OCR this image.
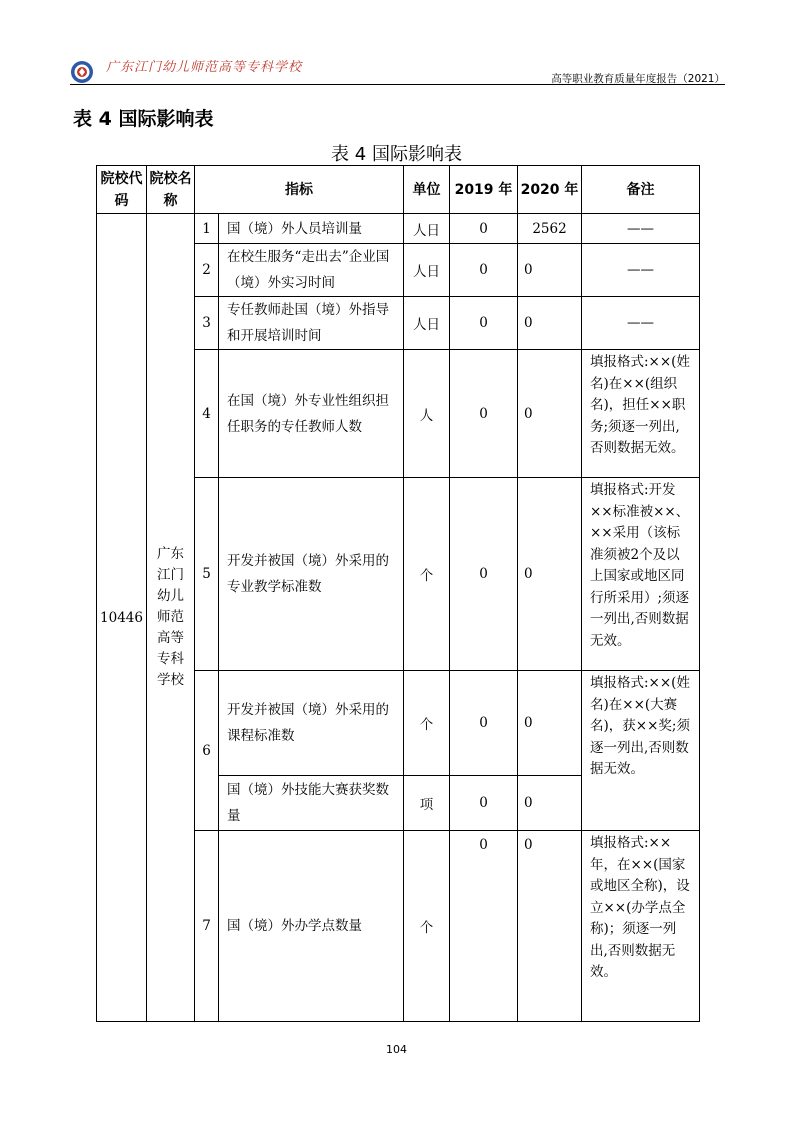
广东江门幼儿师范高等专科学校
高等职业教育质量年度报告（2021）
表 4 国际影响表
表 4 国际影响表
院校代码	院校名称	指标		单位	2019 年	2020 年	备注
10446	广东江门幼儿师范高等专科学校	1	国（境）外人员培训量	人日	0	2562	——
		2	在校生服务“走出去”企业国（境）外实习时间	人日	0	0	——
		3	专任教师赴国（境）外指导和开展培训时间	人日	0	0	——
		4	在国（境）外专业性组织担任职务的专任教师人数	人	0	0	填报格式:××(姓名)在××(组织名)，担任××职务;须逐一列出,否则数据无效。
		5	开发并被国（境）外采用的专业教学标准数	个	0	0	填报格式:开发××标准被××、××采用（该标准须被2个及以上国家或地区同行所采用）;须逐一列出,否则数据无效。
		6	开发并被国（境）外采用的课程标准数	个	0	0	填报格式:××(姓名)在××(大赛名)，获××奖;须逐一列出,否则数据无效。
			国（境）外技能大赛获奖数量	项	0	0	
		7	国（境）外办学点数量	个	0	0	填报格式:××年，在××(国家或地区全称)，设立××(办学点全称)；须逐一列出,否则数据无效。
104
